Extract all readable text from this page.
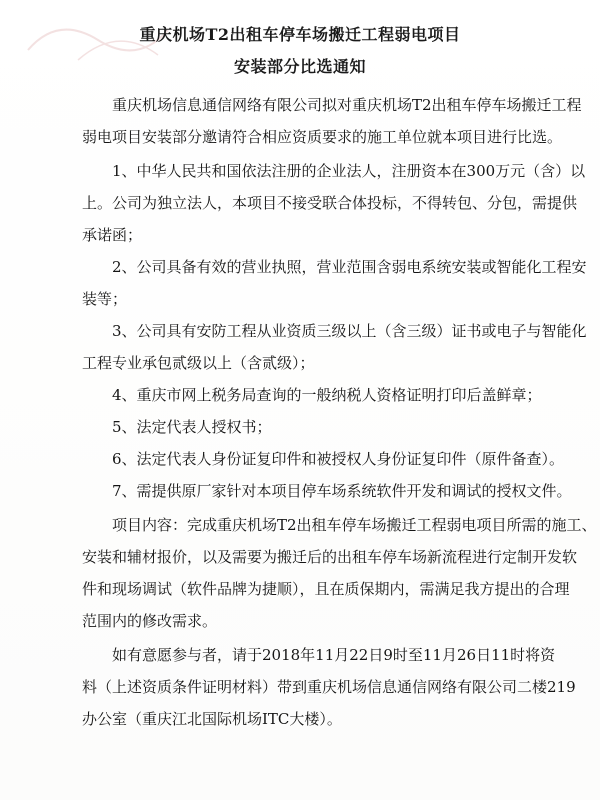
重庆机场T2出租车停车场搬迁工程弱电项目
安装部分比选通知
重庆机场信息通信网络有限公司拟对重庆机场T2出租车停车场搬迁工程
弱电项目安装部分邀请符合相应资质要求的施工单位就本项目进行比选。
1、中华人民共和国依法注册的企业法人，注册资本在300万元（含）以
上。公司为独立法人，本项目不接受联合体投标，不得转包、分包，需提供
承诺函；
2、公司具备有效的营业执照，营业范围含弱电系统安装或智能化工程安
装等；
3、公司具有安防工程从业资质三级以上（含三级）证书或电子与智能化
工程专业承包贰级以上（含贰级）；
4、重庆市网上税务局查询的一般纳税人资格证明打印后盖鲜章；
5、法定代表人授权书；
6、法定代表人身份证复印件和被授权人身份证复印件（原件备查）。
7、需提供原厂家针对本项目停车场系统软件开发和调试的授权文件。
项目内容：完成重庆机场T2出租车停车场搬迁工程弱电项目所需的施工、
安装和辅材报价，以及需要为搬迁后的出租车停车场新流程进行定制开发软
件和现场调试（软件品牌为捷顺），且在质保期内，需满足我方提出的合理
范围内的修改需求。
如有意愿参与者，请于2018年11月22日9时至11月26日11时将资
料（上述资质条件证明材料）带到重庆机场信息通信网络有限公司二楼219
办公室（重庆江北国际机场ITC大楼）。
